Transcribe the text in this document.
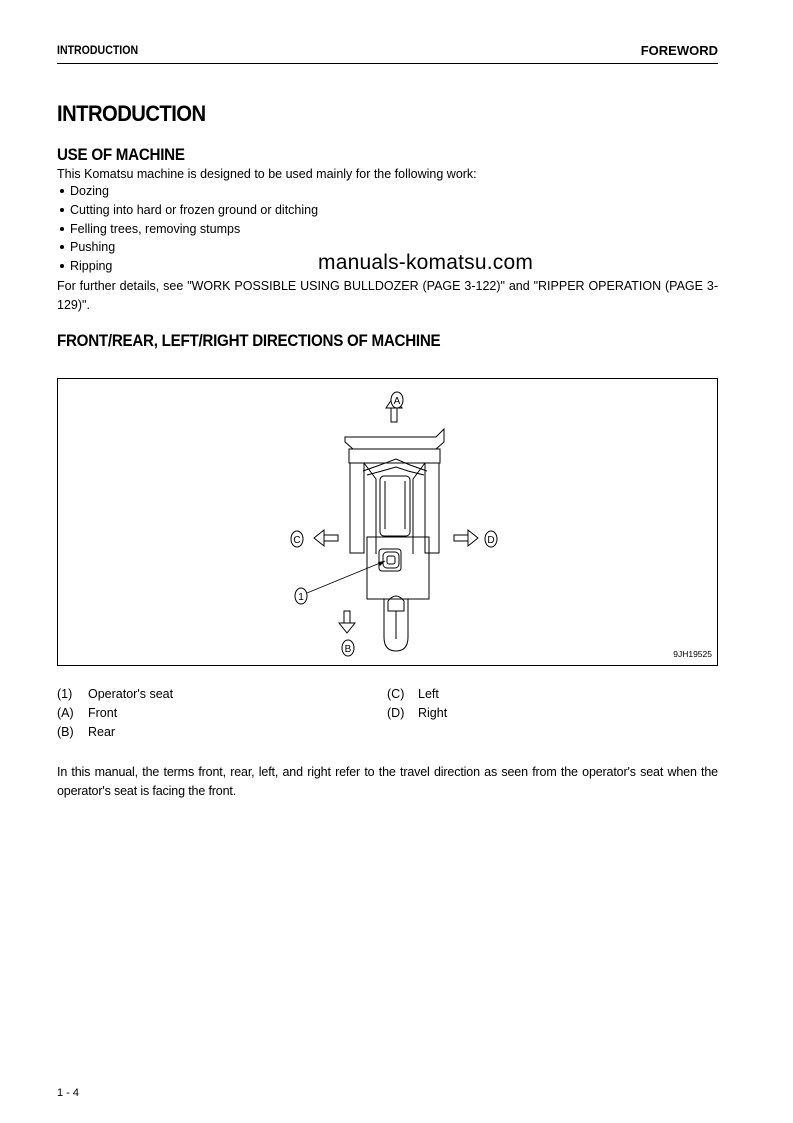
INTRODUCTION	FOREWORD
INTRODUCTION
USE OF MACHINE
This Komatsu machine is designed to be used mainly for the following work:
Dozing
Cutting into hard or frozen ground or ditching
Felling trees, removing stumps
Pushing
Ripping
For further details, see "WORK POSSIBLE USING BULLDOZER (PAGE 3-122)" and "RIPPER OPERATION (PAGE 3-129)".
manuals-komatsu.com
FRONT/REAR, LEFT/RIGHT DIRECTIONS OF MACHINE
A
B
C	D
1
9JH19525
(1) Operator's seat
(A) Front
(B) Rear
(C) Left
(D) Right
In this manual, the terms front, rear, left, and right refer to the travel direction as seen from the operator's seat when the operator's seat is facing the front.
1 - 4
